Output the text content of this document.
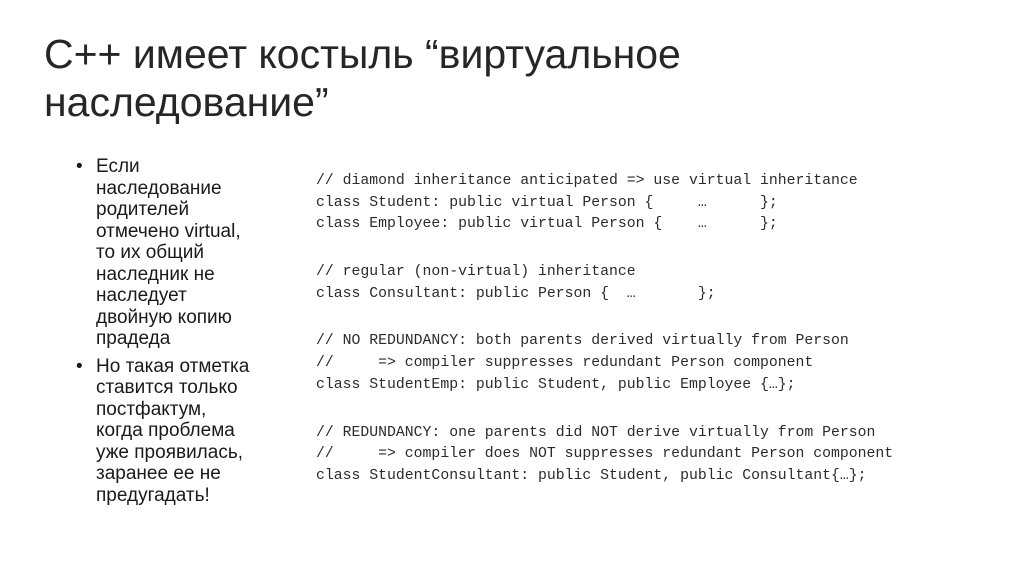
C++ имеет костыль “виртуальное
наследование”
• Если
наследование
родителей
отмечено virtual,
то их общий
наследник не
наследует
двойную копию
прадеда
• Но такая отметка
ставится только
постфактум,
когда проблема
уже проявилась,
заранее ее не
предугадать!
// diamond inheritance anticipated => use virtual inheritance
class Student: public virtual Person {     …      };
class Employee: public virtual Person {    …      };
// regular (non-virtual) inheritance
class Consultant: public Person {  …       };
// NO REDUNDANCY: both parents derived virtually from Person
//     => compiler suppresses redundant Person component
class StudentEmp: public Student, public Employee {…};
// REDUNDANCY: one parents did NOT derive virtually from Person
//     => compiler does NOT suppresses redundant Person component
class StudentConsultant: public Student, public Consultant{…};
